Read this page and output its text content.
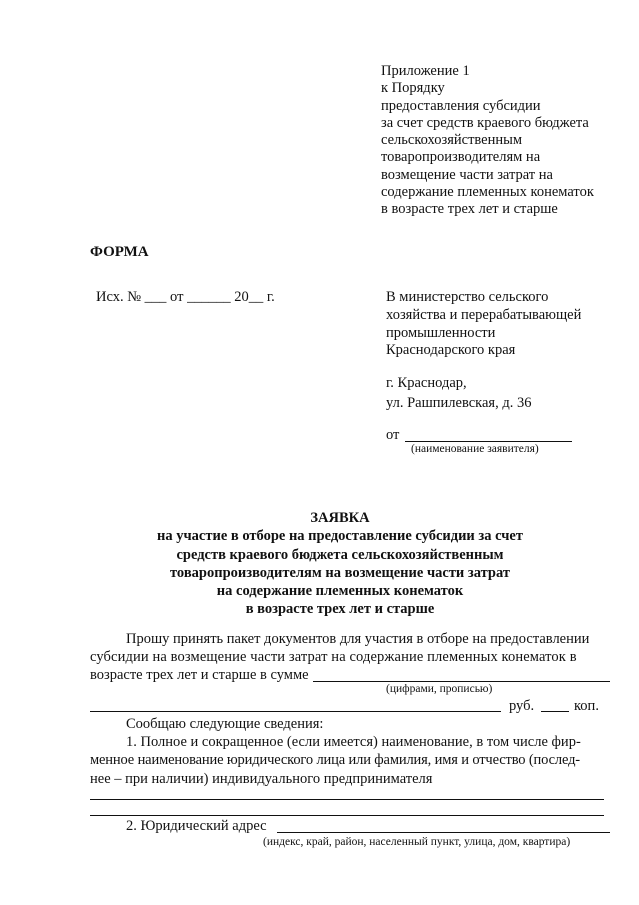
Приложение 1
к Порядку
предоставления субсидии
за счет средств краевого бюджета
сельскохозяйственным
товаропроизводителям на
возмещение части затрат на
содержание племенных конематок
в возрасте трех лет и старше
ФОРМА
Исх. № ___ от ______ 20__ г.	В министерство сельского
хозяйства и перерабатывающей
промышленности
Краснодарского края
г. Краснодар,
ул. Рашпилевская, д. 36
от
(наименование заявителя)
ЗАЯВКА
на участие в отборе на предоставление субсидии за счет
средств краевого бюджета сельскохозяйственным
товаропроизводителям на возмещение части затрат
на содержание племенных конематок
в возрасте трех лет и старше
Прошу принять пакет документов для участия в отборе на предоставлении
субсидии на возмещение части затрат на содержание племенных конематок в
возрасте трех лет и старше в сумме
(цифрами, прописью)
руб.	коп.
Сообщаю следующие сведения:
1. Полное и сокращенное (если имеется) наименование, в том числе фир-
менное наименование юридического лица или фамилия, имя и отчество (послед-
нее – при наличии) индивидуального предпринимателя
2. Юридический адрес
(индекс, край, район, населенный пункт, улица, дом, квартира)
